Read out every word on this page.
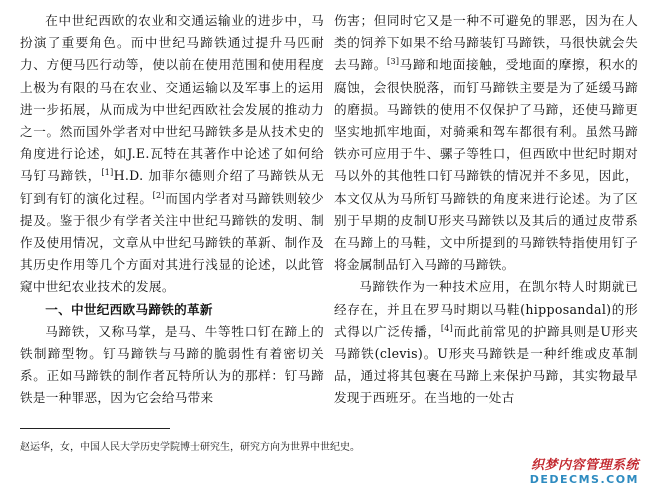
在中世纪西欧的农业和交通运输业的进步中，马扮演了重要角色。而中世纪马蹄铁通过提升马匹耐力、方便马匹行动等，使以前在使用范围和使用程度上极为有限的马在农业、交通运输以及军事上的运用进一步拓展，从而成为中世纪西欧社会发展的推动力之一。然而国外学者对中世纪马蹄铁多是从技术史的角度进行论述，如J.E.瓦特在其著作中论述了如何给马钉马蹄铁，[1]H.D. 加菲尔德则介绍了马蹄铁从无钉到有钉的演化过程。[2]而国内学者对马蹄铁则较少提及。鉴于很少有学者关注中世纪马蹄铁的发明、制作及使用情况，文章从中世纪马蹄铁的革新、制作及其历史作用等几个方面对其进行浅显的论述，以此管窥中世纪农业技术的发展。

一、中世纪西欧马蹄铁的革新

马蹄铁，又称马掌，是马、牛等牲口钉在蹄上的铁制蹄型物。钉马蹄铁与马蹄的脆弱性有着密切关系。正如马蹄铁的制作者瓦特所认为的那样：钉马蹄铁是一种罪恶，因为它会给马带来

伤害；但同时它又是一种不可避免的罪恶，因为在人类的饲养下如果不给马蹄装钉马蹄铁，马很快就会失去马蹄。[3]马蹄和地面接触，受地面的摩擦，积水的腐蚀，会很快脱落，而钉马蹄铁主要是为了延缓马蹄的磨损。马蹄铁的使用不仅保护了马蹄，还使马蹄更坚实地抓牢地面，对骑乘和驾车都很有利。虽然马蹄铁亦可应用于牛、骡子等牲口，但西欧中世纪时期对马以外的其他牲口钉马蹄铁的情况并不多见，因此，本文仅从为马所钉马蹄铁的角度来进行论述。为了区别于早期的皮制U形夹马蹄铁以及其后的通过皮带系在马蹄上的马鞋，文中所提到的马蹄铁特指使用钉子将金属制品钉入马蹄的马蹄铁。

马蹄铁作为一种技术应用，在凯尔特人时期就已经存在，并且在罗马时期以马鞋(hipposandal)的形式得以广泛传播，[4]而此前常见的护蹄具则是U形夹马蹄铁(clevis)。U形夹马蹄铁是一种纤维或皮革制品，通过将其包裹在马蹄上来保护马蹄，其实物最早发现于西班牙。在当地的一处古

赵运华，女，中国人民大学历史学院博士研究生，研究方向为世界中世纪史。
织梦内容管理系统
DEDECMS.COM
